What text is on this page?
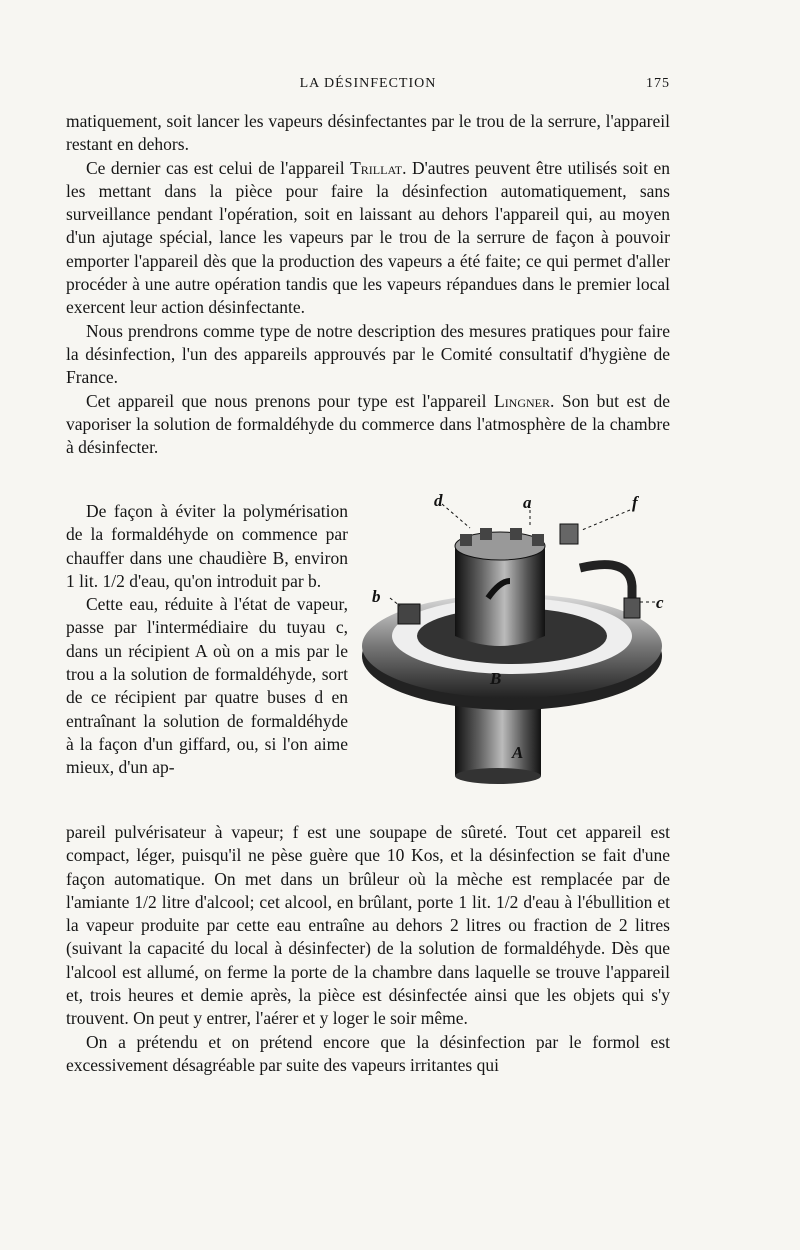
LA DÉSINFECTION	175

matiquement, soit lancer les vapeurs désinfectantes par le trou de la serrure, l'appareil restant en dehors.

Ce dernier cas est celui de l'appareil Trillat. D'autres peuvent être utilisés soit en les mettant dans la pièce pour faire la désinfection automatiquement, sans surveillance pendant l'opération, soit en laissant au dehors l'appareil qui, au moyen d'un ajutage spécial, lance les vapeurs par le trou de la serrure de façon à pouvoir emporter l'appareil dès que la production des vapeurs a été faite; ce qui permet d'aller procéder à une autre opération tandis que les vapeurs répandues dans le premier local exercent leur action désinfectante.

Nous prendrons comme type de notre description des mesures pratiques pour faire la désinfection, l'un des appareils approuvés par le Comité consultatif d'hygiène de France.

Cet appareil que nous prenons pour type est l'appareil Lingner. Son but est de vaporiser la solution de formaldéhyde du commerce dans l'atmosphère de la chambre à désinfecter.

De façon à éviter la polymérisation de la formaldéhyde on commence par chauffer dans une chaudière B, environ 1 lit. 1/2 d'eau, qu'on introduit par b.

Cette eau, réduite à l'état de vapeur, passe par l'intermédiaire du tuyau c, dans un récipient A où on a mis par le trou a la solution de formaldéhyde, sort de ce récipient par quatre buses d en entraînant la solution de formaldéhyde à la façon d'un giffard, ou, si l'on aime mieux, d'un ap-

d	a	f
b	c
B
A

pareil pulvérisateur à vapeur; f est une soupape de sûreté. Tout cet appareil est compact, léger, puisqu'il ne pèse guère que 10 Kos, et la désinfection se fait d'une façon automatique. On met dans un brûleur où la mèche est remplacée par de l'amiante 1/2 litre d'alcool; cet alcool, en brûlant, porte 1 lit. 1/2 d'eau à l'ébullition et la vapeur produite par cette eau entraîne au dehors 2 litres ou fraction de 2 litres (suivant la capacité du local à désinfecter) de la solution de formaldéhyde. Dès que l'alcool est allumé, on ferme la porte de la chambre dans laquelle se trouve l'appareil et, trois heures et demie après, la pièce est désinfectée ainsi que les objets qui s'y trouvent. On peut y entrer, l'aérer et y loger le soir même.

On a prétendu et on prétend encore que la désinfection par le formol est excessivement désagréable par suite des vapeurs irritantes qui
